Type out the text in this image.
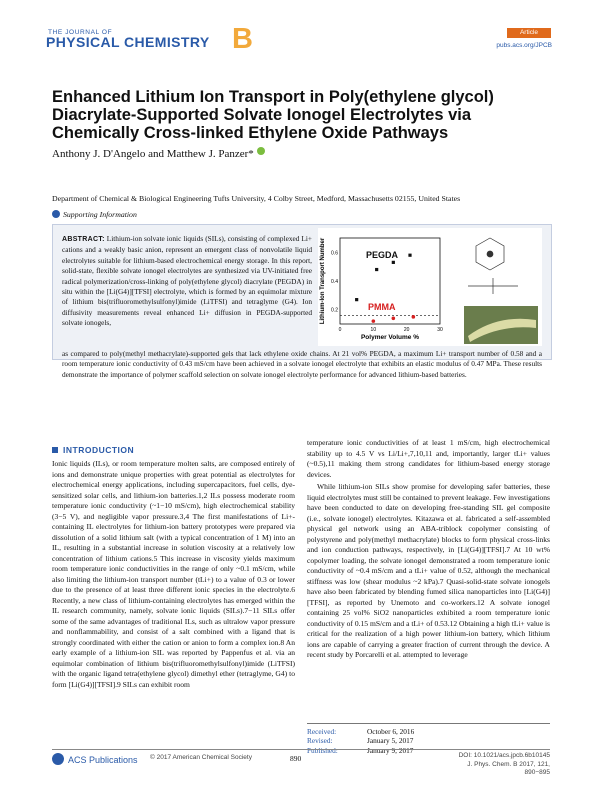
THE JOURNAL OF
PHYSICAL CHEMISTRY B	Article
pubs.acs.org/JPCB
Enhanced Lithium Ion Transport in Poly(ethylene glycol) Diacrylate-Supported Solvate Ionogel Electrolytes via Chemically Cross-linked Ethylene Oxide Pathways
Anthony J. D'Angelo and Matthew J. Panzer*
Department of Chemical & Biological Engineering Tufts University, 4 Colby Street, Medford, Massachusetts 02155, United States
Supporting Information
ABSTRACT: Lithium-ion solvate ionic liquids (SILs), consisting of complexed Li+ cations and a weakly basic anion, represent an emergent class of nonvolatile liquid electrolytes suitable for lithium-based electrochemical energy storage. In this report, solid-state, flexible solvate ionogel electrolytes are synthesized via UV-initiated free radical polymerization/cross-linking of poly(ethylene glycol) diacrylate (PEGDA) in situ within the [Li(G4)][TFSI] electrolyte, which is formed by an equimolar mixture of lithium bis(trifluoromethylsulfonyl)imide (LiTFSI) and tetraglyme (G4). Ion diffusivity measurements reveal enhanced Li+ diffusion in PEGDA-supported solvate ionogels,
as compared to poly(methyl methacrylate)-supported gels that lack ethylene oxide chains. At 21 vol% PEGDA, a maximum Li+ transport number of 0.58 and a room temperature ionic conductivity of 0.43 mS/cm have been achieved in a solvate ionogel electrolyte that exhibits an elastic modulus of 0.47 MPa. These results demonstrate the importance of polymer scaffold selection on solvate ionogel electrolyte performance for advanced lithium-based batteries.
0	10	20	30
0.6
0.4
0.2
Polymer Volume %
Lithium-Ion Transport Number	PEGDA
PMMA
INTRODUCTION

Ionic liquids (ILs), or room temperature molten salts, are composed entirely of ions and demonstrate unique properties with great potential as electrolytes for electrochemical energy applications, including supercapacitors, fuel cells, dye-sensitized solar cells, and lithium-ion batteries.1,2 ILs possess moderate room temperature ionic conductivity (~1−10 mS/cm), high electrochemical stability (3−5 V), and negligible vapor pressure.3,4 The first manifestations of Li+-containing IL electrolytes for lithium-ion battery prototypes were prepared via dissolution of a solid lithium salt (with a typical concentration of 1 M) into an IL, resulting in a substantial increase in solution viscosity at a relatively low concentration of lithium cations.5 This increase in viscosity yields maximum room temperature ionic conductivities in the range of only ~0.1 mS/cm, while also limiting the lithium-ion transport number (tLi+) to a value of 0.3 or lower due to the presence of at least three different ionic species in the electrolyte.6 Recently, a new class of lithium-containing electrolytes has emerged within the IL research community, namely, solvate ionic liquids (SILs).7−11 SILs offer some of the same advantages of traditional ILs, such as ultralow vapor pressure and nonflammability, and consist of a salt combined with a ligand that is strongly coordinated with either the cation or anion to form a complex ion.8 An early example of a lithium-ion SIL was reported by Pappenfus et al. via an equimolar combination of lithium bis(trifluoromethylsulfonyl)imide (LiTFSI) with the organic ligand tetra(ethylene glycol) dimethyl ether (tetraglyme, G4) to form [Li(G4)][TFSI].9 SILs can exhibit room

temperature ionic conductivities of at least 1 mS/cm, high electrochemical stability up to 4.5 V vs Li/Li+,7,10,11 and, importantly, larger tLi+ values (~0.5),11 making them strong candidates for lithium-based energy storage devices.

While lithium-ion SILs show promise for developing safer batteries, these liquid electrolytes must still be contained to prevent leakage. Few investigations have been conducted to date on developing free-standing SIL gel composite (i.e., solvate ionogel) electrolytes. Kitazawa et al. fabricated a self-assembled physical gel network using an ABA-triblock copolymer consisting of polystyrene and poly(methyl methacrylate) blocks to form physical cross-links and ion conduction pathways, respectively, in [Li(G4)][TFSI].7 At 10 wt% copolymer loading, the solvate ionogel demonstrated a room temperature ionic conductivity of ~0.4 mS/cm and a tLi+ value of 0.52, although the mechanical stiffness was low (shear modulus ~2 kPa).7 Quasi-solid-state solvate ionogels have also been fabricated by blending fumed silica nanoparticles into [Li(G4)][TFSI], as reported by Unemoto and co-workers.12 A solvate ionogel containing 25 vol% SiO2 nanoparticles exhibited a room temperature ionic conductivity of 0.15 mS/cm and a tLi+ of 0.53.12 Obtaining a high tLi+ value is critical for the realization of a high power lithium-ion battery, which lithium ions are capable of carrying a greater fraction of current through the device. A recent study by Porcarelli et al. attempted to leverage

Received:	October 6, 2016
Revised:	January 5, 2017
Published:	January 9, 2017
ACS Publications © 2017 American Chemical Society	890	DOI: 10.1021/acs.jpcb.6b10145
J. Phys. Chem. B 2017, 121, 890−895
